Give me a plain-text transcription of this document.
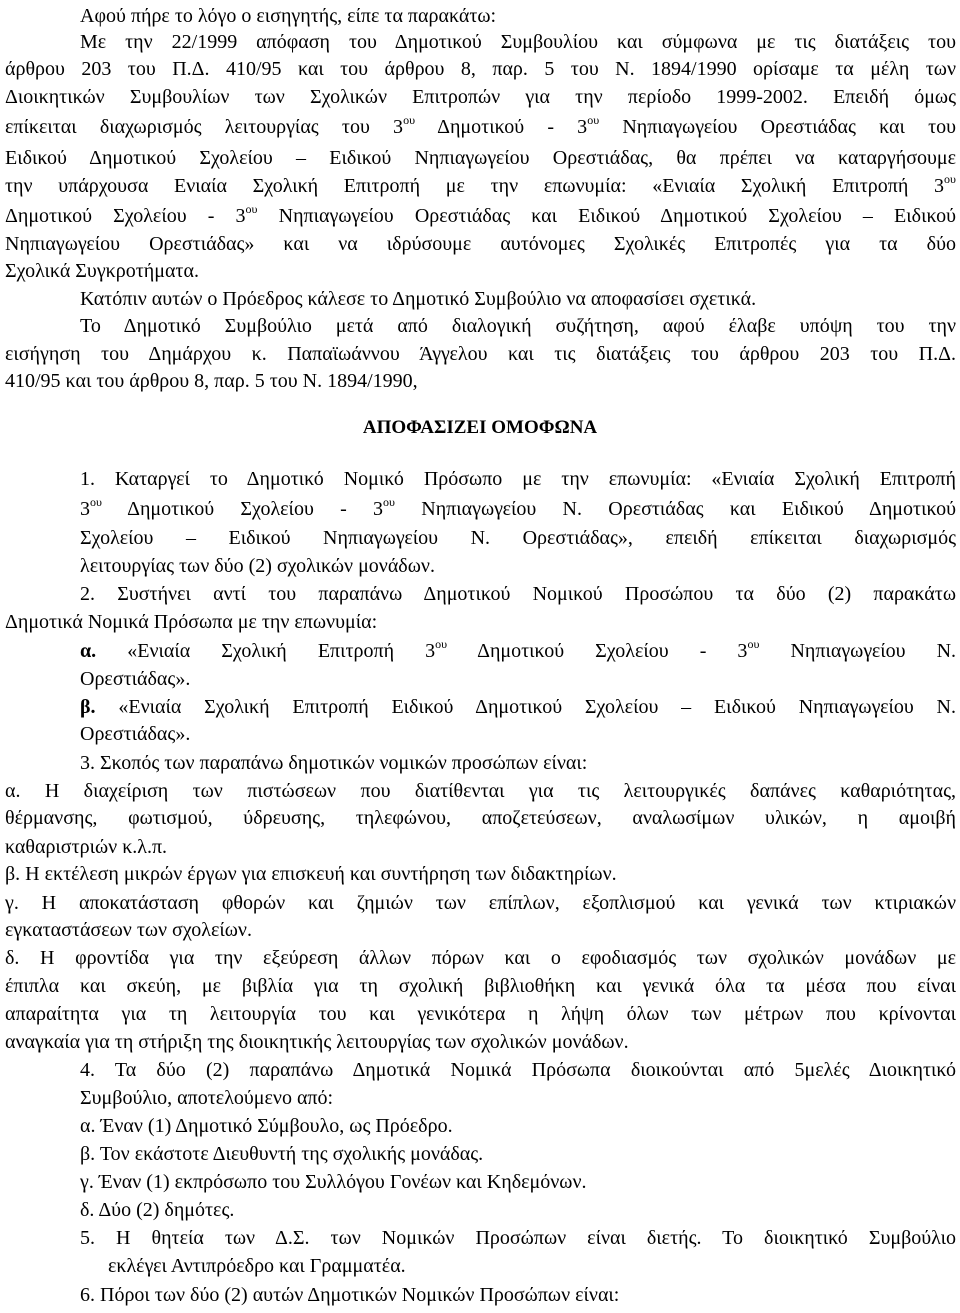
Αφού πήρε το λόγο ο εισηγητής, είπε τα παρακάτω:
Με την 22/1999 απόφαση του Δημοτικού Συμβουλίου και σύμφωνα με τις διατάξεις του
άρθρου 203 του Π.Δ. 410/95 και του άρθρου 8, παρ. 5 του Ν. 1894/1990 ορίσαμε τα μέλη των
Διοικητικών Συμβουλίων των Σχολικών Επιτροπών για την περίοδο 1999-2002. Επειδή όμως
επίκειται διαχωρισμός λειτουργίας του $3^{o\upsilon}$ Δημοτικού - $3^{o\upsilon}$ Νηπιαγωγείου Ορεστιάδας και του
Ειδικού Δημοτικού Σχολείου – Ειδικού Νηπιαγωγείου Ορεστιάδας, θα πρέπει να καταργήσουμε
την υπάρχουσα Ενιαία Σχολική Επιτροπή με την επωνυμία: «Ενιαία Σχολική Επιτροπή $3^{o\upsilon}$
Δημοτικού Σχολείου - $3^{o\upsilon}$ Νηπιαγωγείου Ορεστιάδας και Ειδικού Δημοτικού Σχολείου – Ειδικού
Νηπιαγωγείου Ορεστιάδας» και να ιδρύσουμε αυτόνομες Σχολικές Επιτροπές για τα δύο
Σχολικά Συγκροτήματα.
Κατόπιν αυτών ο Πρόεδρος κάλεσε το Δημοτικό Συμβούλιο να αποφασίσει σχετικά.
Το Δημοτικό Συμβούλιο μετά από διαλογική συζήτηση, αφού έλαβε υπόψη του την
εισήγηση του Δημάρχου κ. Παπαϊωάννου Άγγελου και τις διατάξεις του άρθρου 203 του Π.Δ.
410/95 και του άρθρου 8, παρ. 5 του Ν. 1894/1990,
ΑΠΟΦΑΣΙΖΕΙ ΟΜΟΦΩΝΑ
1. Καταργεί το Δημοτικό Νομικό Πρόσωπο με την επωνυμία: «Ενιαία Σχολική Επιτροπή
$3^{o\upsilon}$ Δημοτικού Σχολείου - $3^{o\upsilon}$ Νηπιαγωγείου Ν. Ορεστιάδας και Ειδικού Δημοτικού
Σχολείου – Ειδικού Νηπιαγωγείου Ν. Ορεστιάδας», επειδή επίκειται διαχωρισμός
λειτουργίας των δύο (2) σχολικών μονάδων.
2. Συστήνει αντί του παραπάνω Δημοτικού Νομικού Προσώπου τα δύο (2) παρακάτω
Δημοτικά Νομικά Πρόσωπα με την επωνυμία:
α. «Ενιαία Σχολική Επιτροπή $3^{o\upsilon}$ Δημοτικού Σχολείου - $3^{o\upsilon}$ Νηπιαγωγείου Ν.
Ορεστιάδας».
β. «Ενιαία Σχολική Επιτροπή Ειδικού Δημοτικού Σχολείου – Ειδικού Νηπιαγωγείου Ν.
Ορεστιάδας».
3. Σκοπός των παραπάνω δημοτικών νομικών προσώπων είναι:
α. Η διαχείριση των πιστώσεων που διατίθενται για τις λειτουργικές δαπάνες καθαριότητας,
θέρμανσης, φωτισμού, ύδρευσης, τηλεφώνου, αποζετεύσεων, αναλωσίμων υλικών, η αμοιβή
καθαριστριών κ.λ.π.
β. Η εκτέλεση μικρών έργων για επισκευή και συντήρηση των διδακτηρίων.
γ. Η αποκατάσταση φθορών και ζημιών των επίπλων, εξοπλισμού και γενικά των κτιριακών
εγκαταστάσεων των σχολείων.
δ. Η φροντίδα για την εξεύρεση άλλων πόρων και ο εφοδιασμός των σχολικών μονάδων με
έπιπλα και σκεύη, με βιβλία για τη σχολική βιβλιοθήκη και γενικά όλα τα μέσα που είναι
απαραίτητα για τη λειτουργία του και γενικότερα η λήψη όλων των μέτρων που κρίνονται
αναγκαία για τη στήριξη της διοικητικής λειτουργίας των σχολικών μονάδων.
4. Τα δύο (2) παραπάνω Δημοτικά Νομικά Πρόσωπα διοικούνται από 5μελές Διοικητικό
Συμβούλιο, αποτελούμενο από:
α. Έναν (1) Δημοτικό Σύμβουλο, ως Πρόεδρο.
β. Τον εκάστοτε Διευθυντή της σχολικής μονάδας.
γ. Έναν (1) εκπρόσωπο του Συλλόγου Γονέων και Κηδεμόνων.
δ. Δύο (2) δημότες.
5. Η θητεία των Δ.Σ. των Νομικών Προσώπων είναι διετής. Το διοικητικό Συμβούλιο
εκλέγει Αντιπρόεδρο και Γραμματέα.
6. Πόροι των δύο (2) αυτών Δημοτικών Νομικών Προσώπων είναι:
